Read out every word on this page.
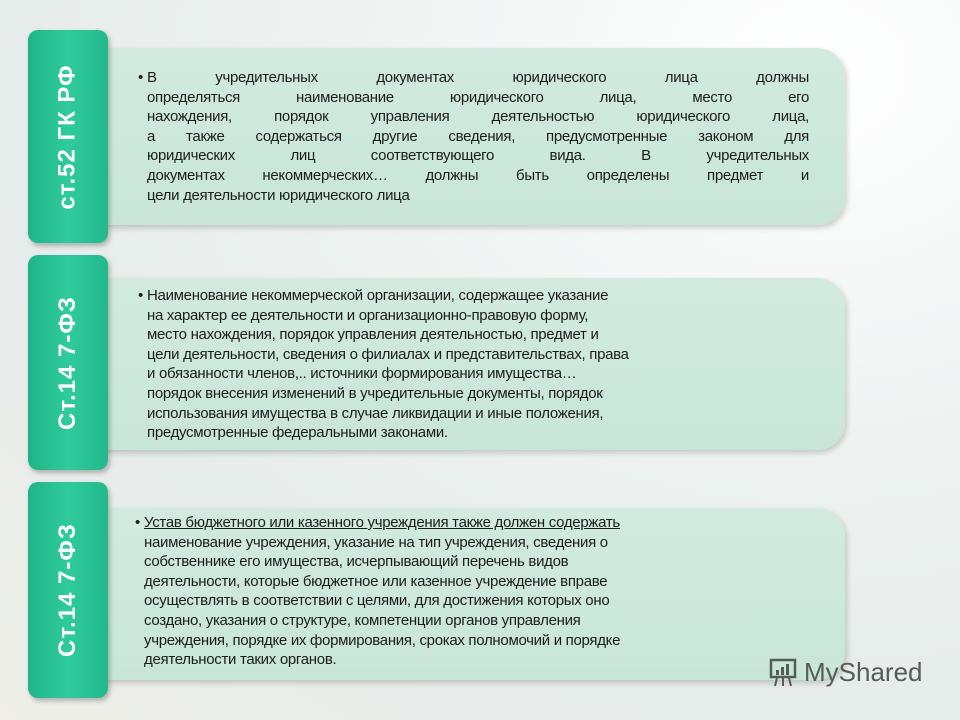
ст.52 ГК РФ	• В учредительных документах юридического лица должны
определяться наименование юридического лица, место его
нахождения, порядок управления деятельностью юридического лица,
а также содержаться другие сведения, предусмотренные законом для
юридических лиц соответствующего вида. В учредительных
документах некоммерческих… должны быть определены предмет и
цели деятельности юридического лица
Ст.14 7-ФЗ
• Наименование некоммерческой организации, содержащее указание
на характер ее деятельности и организационно-правовую форму,
место нахождения, порядок управления деятельностью, предмет и
цели деятельности, сведения о филиалах и представительствах, права
и обязанности членов,.. источники формирования имущества…
порядок внесения изменений в учредительные документы, порядок
использования имущества в случае ликвидации и иные положения,
предусмотренные федеральными законами.
Ст.14 7-ФЗ
• Устав бюджетного или казенного учреждения также должен содержать
наименование учреждения, указание на тип учреждения, сведения о
собственнике его имущества, исчерпывающий перечень видов
деятельности, которые бюджетное или казенное учреждение вправе
осуществлять в соответствии с целями, для достижения которых оно
создано, указания о структуре, компетенции органов управления
учреждения, порядке их формирования, сроках полномочий и порядке
деятельности таких органов.	MyShared
